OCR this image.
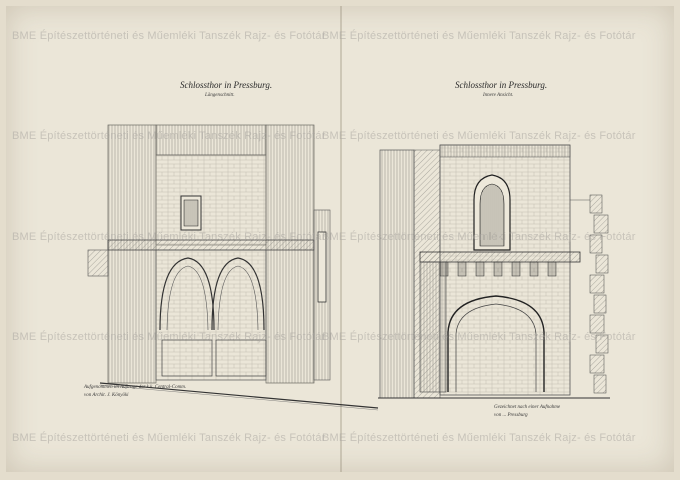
Schlossthor in Pressburg.
Längenschnitt.
Schlossthor in Pressburg.
Innere Ansicht.
Aufgenommen im Auftrage der k.k. Central-Comm.
von Archit. J. Könyöki
Gezeichnet nach einer Aufnahme
von ... Pressburg
BME Építészettörténeti és Műemléki Tanszék Rajz- és Fotótár
BME Építészettörténeti és Műemléki Tanszék Rajz- és Fotótár
BME Építészettörténeti és Műemléki Tanszék Rajz- és Fotótár
BME Építészettörténeti és Műemléki Tanszék Rajz- és Fotótár
BME Építészettörténeti és Műemléki Tanszék Rajz- és Fotótár
BME Építészettörténeti és Műemléki Tanszék Rajz- és Fotótár
BME Építészettörténeti és Műemléki Tanszék Rajz- és Fotótár
BME Építészettörténeti és Műemléki Tanszék Rajz- és Fotótár
BME Építészettörténeti és Műemléki Tanszék Rajz- és Fotótár
BME Építészettörténeti és Műemléki Tanszék Rajz- és Fotótár
